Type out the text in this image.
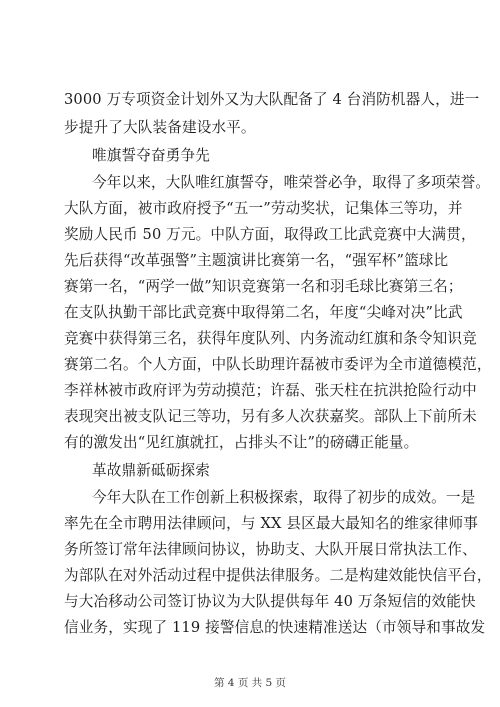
3000 万专项资金计划外又为大队配备了 4 台消防机器人，进一
步提升了大队装备建设水平。
唯旗誓夺奋勇争先
今年以来，大队唯红旗誓夺，唯荣誉必争，取得了多项荣誉。
大队方面，被市政府授予“五一”劳动奖状，记集体三等功，并
奖励人民币 50 万元。中队方面，取得政工比武竞赛中大满贯，
先后获得“改革强警”主题演讲比赛第一名，“强军杯”篮球比
赛第一名，“两学一做”知识竞赛第一名和羽毛球比赛第三名；
在支队执勤干部比武竞赛中取得第二名，年度“尖峰对决”比武
竞赛中获得第三名，获得年度队列、内务流动红旗和条令知识竞
赛第二名。个人方面，中队长助理许磊被市委评为全市道德模范，
李祥林被市政府评为劳动摸范；许磊、张天柱在抗洪抢险行动中
表现突出被支队记三等功，另有多人次获嘉奖。部队上下前所未
有的激发出“见红旗就扛，占排头不让”的磅礴正能量。
革故鼎新砥砺探索
今年大队在工作创新上积极探索，取得了初步的成效。一是
率先在全市聘用法律顾问，与 XX 县区最大最知名的维家律师事
务所签订常年法律顾问协议，协助支、大队开展日常执法工作、
为部队在对外活动过程中提供法律服务。二是构建效能快信平台，
与大冶移动公司签订协议为大队提供每年 40 万条短信的效能快
信业务，实现了 119 接警信息的快速精准送达（市领导和事故发
第 4 页 共 5 页
